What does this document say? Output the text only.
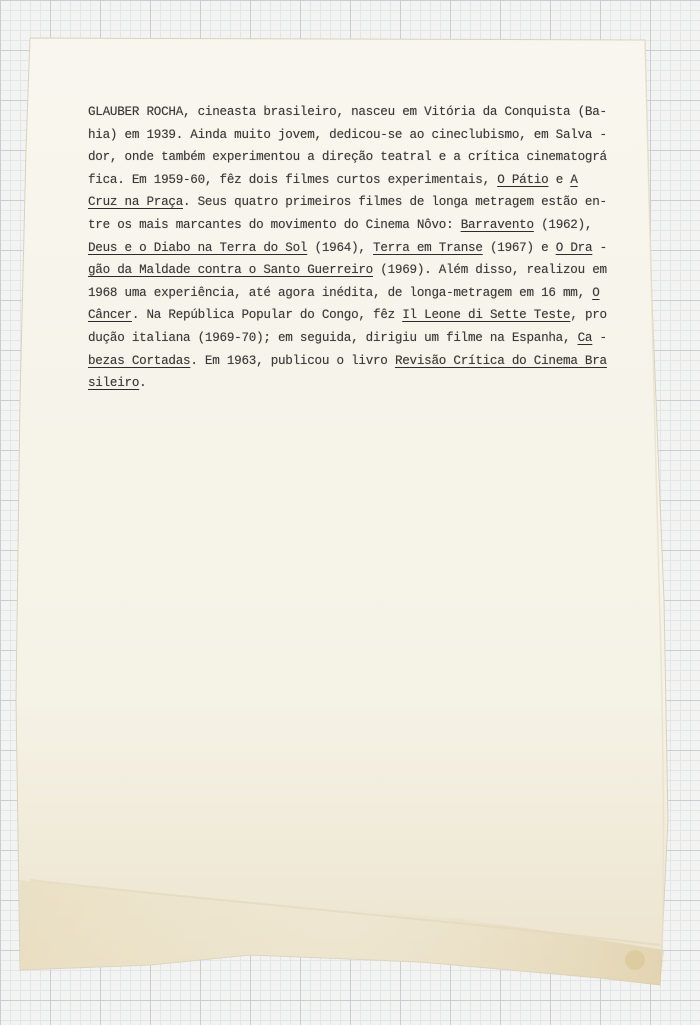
GLAUBER ROCHA, cineasta brasileiro, nasceu em Vitória da Conquista (Ba-
hia) em 1939. Ainda muito jovem, dedicou-se ao cineclubismo, em Salva -
dor, onde também experimentou a direção teatral e a crítica cinematográ
fica. Em 1959-60, fêz dois filmes curtos experimentais, O Pátio e A
Cruz na Praça. Seus quatro primeiros filmes de longa metragem estão en-
tre os mais marcantes do movimento do Cinema Nôvo: Barravento (1962),
Deus e o Diabo na Terra do Sol (1964), Terra em Transe (1967) e O Dra -
gão da Maldade contra o Santo Guerreiro (1969). Além disso, realizou em
1968 uma experiência, até agora inédita, de longa-metragem em 16 mm, O
Câncer. Na República Popular do Congo, fêz Il Leone di Sette Teste, pro
dução italiana (1969-70); em seguida, dirigiu um filme na Espanha, Ca -
bezas Cortadas. Em 1963, publicou o livro Revisão Crítica do Cinema Bra
sileiro.
